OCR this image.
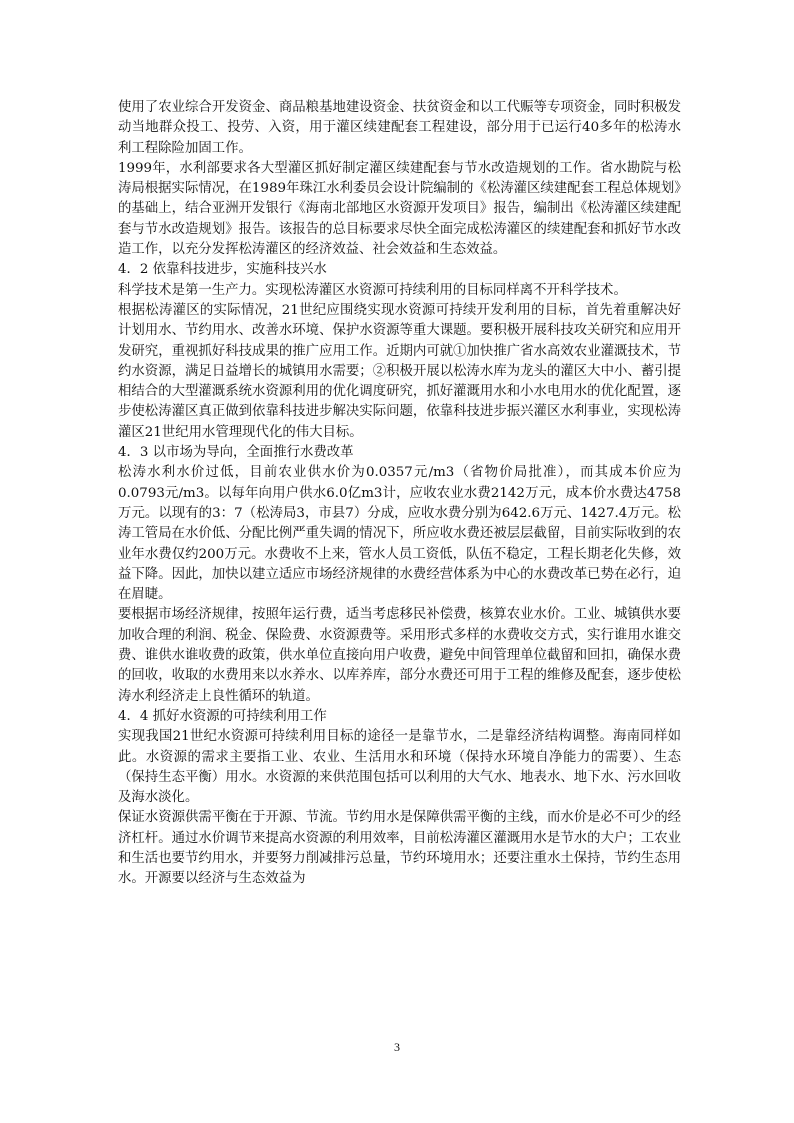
使用了农业综合开发资金、商品粮基地建设资金、扶贫资金和以工代赈等专项资金，同时积极发动当地群众投工、投劳、入资，用于灌区续建配套工程建设，部分用于已运行40多年的松涛水利工程除险加固工作。

1999年，水利部要求各大型灌区抓好制定灌区续建配套与节水改造规划的工作。省水勘院与松涛局根据实际情况，在1989年珠江水利委员会设计院编制的《松涛灌区续建配套工程总体规划》的基础上，结合亚洲开发银行《海南北部地区水资源开发项目》报告，编制出《松涛灌区续建配套与节水改造规划》报告。该报告的总目标要求尽快全面完成松涛灌区的续建配套和抓好节水改造工作，以充分发挥松涛灌区的经济效益、社会效益和生态效益。

4．2 依靠科技进步，实施科技兴水

科学技术是第一生产力。实现松涛灌区水资源可持续利用的目标同样离不开科学技术。

根据松涛灌区的实际情况，21世纪应围绕实现水资源可持续开发利用的目标，首先着重解决好计划用水、节约用水、改善水环境、保护水资源等重大课题。要积极开展科技攻关研究和应用开发研究，重视抓好科技成果的推广应用工作。近期内可就①加快推广省水高效农业灌溉技术，节约水资源，满足日益增长的城镇用水需要；②积极开展以松涛水库为龙头的灌区大中小、蓄引提相结合的大型灌溉系统水资源利用的优化调度研究，抓好灌溉用水和小水电用水的优化配置，逐步使松涛灌区真正做到依靠科技进步解决实际问题，依靠科技进步振兴灌区水利事业，实现松涛灌区21世纪用水管理现代化的伟大目标。

4．3 以市场为导向，全面推行水费改革

松涛水利水价过低，目前农业供水价为0.0357元/m3（省物价局批准），而其成本价应为0.0793元/m3。以每年向用户供水6.0亿m3计，应收农业水费2142万元，成本价水费达4758万元。以现有的3：7（松涛局3，市县7）分成，应收水费分别为642.6万元、1427.4万元。松涛工管局在水价低、分配比例严重失调的情况下，所应收水费还被层层截留，目前实际收到的农业年水费仅约200万元。水费收不上来，管水人员工资低，队伍不稳定，工程长期老化失修，效益下降。因此，加快以建立适应市场经济规律的水费经营体系为中心的水费改革已势在必行，迫在眉睫。

要根据市场经济规律，按照年运行费，适当考虑移民补偿费，核算农业水价。工业、城镇供水要加收合理的利润、税金、保险费、水资源费等。采用形式多样的水费收交方式，实行谁用水谁交费、谁供水谁收费的政策，供水单位直接向用户收费，避免中间管理单位截留和回扣，确保水费的回收，收取的水费用来以水养水、以库养库，部分水费还可用于工程的维修及配套，逐步使松涛水利经济走上良性循环的轨道。

4．4 抓好水资源的可持续利用工作

实现我国21世纪水资源可持续利用目标的途径一是靠节水，二是靠经济结构调整。海南同样如此。水资源的需求主要指工业、农业、生活用水和环境（保持水环境自净能力的需要）、生态（保持生态平衡）用水。水资源的来供范围包括可以利用的大气水、地表水、地下水、污水回收及海水淡化。

保证水资源供需平衡在于开源、节流。节约用水是保障供需平衡的主线，而水价是必不可少的经济杠杆。通过水价调节来提高水资源的利用效率，目前松涛灌区灌溉用水是节水的大户；工农业和生活也要节约用水，并要努力削减排污总量，节约环境用水；还要注重水土保持，节约生态用水。开源要以经济与生态效益为

3
